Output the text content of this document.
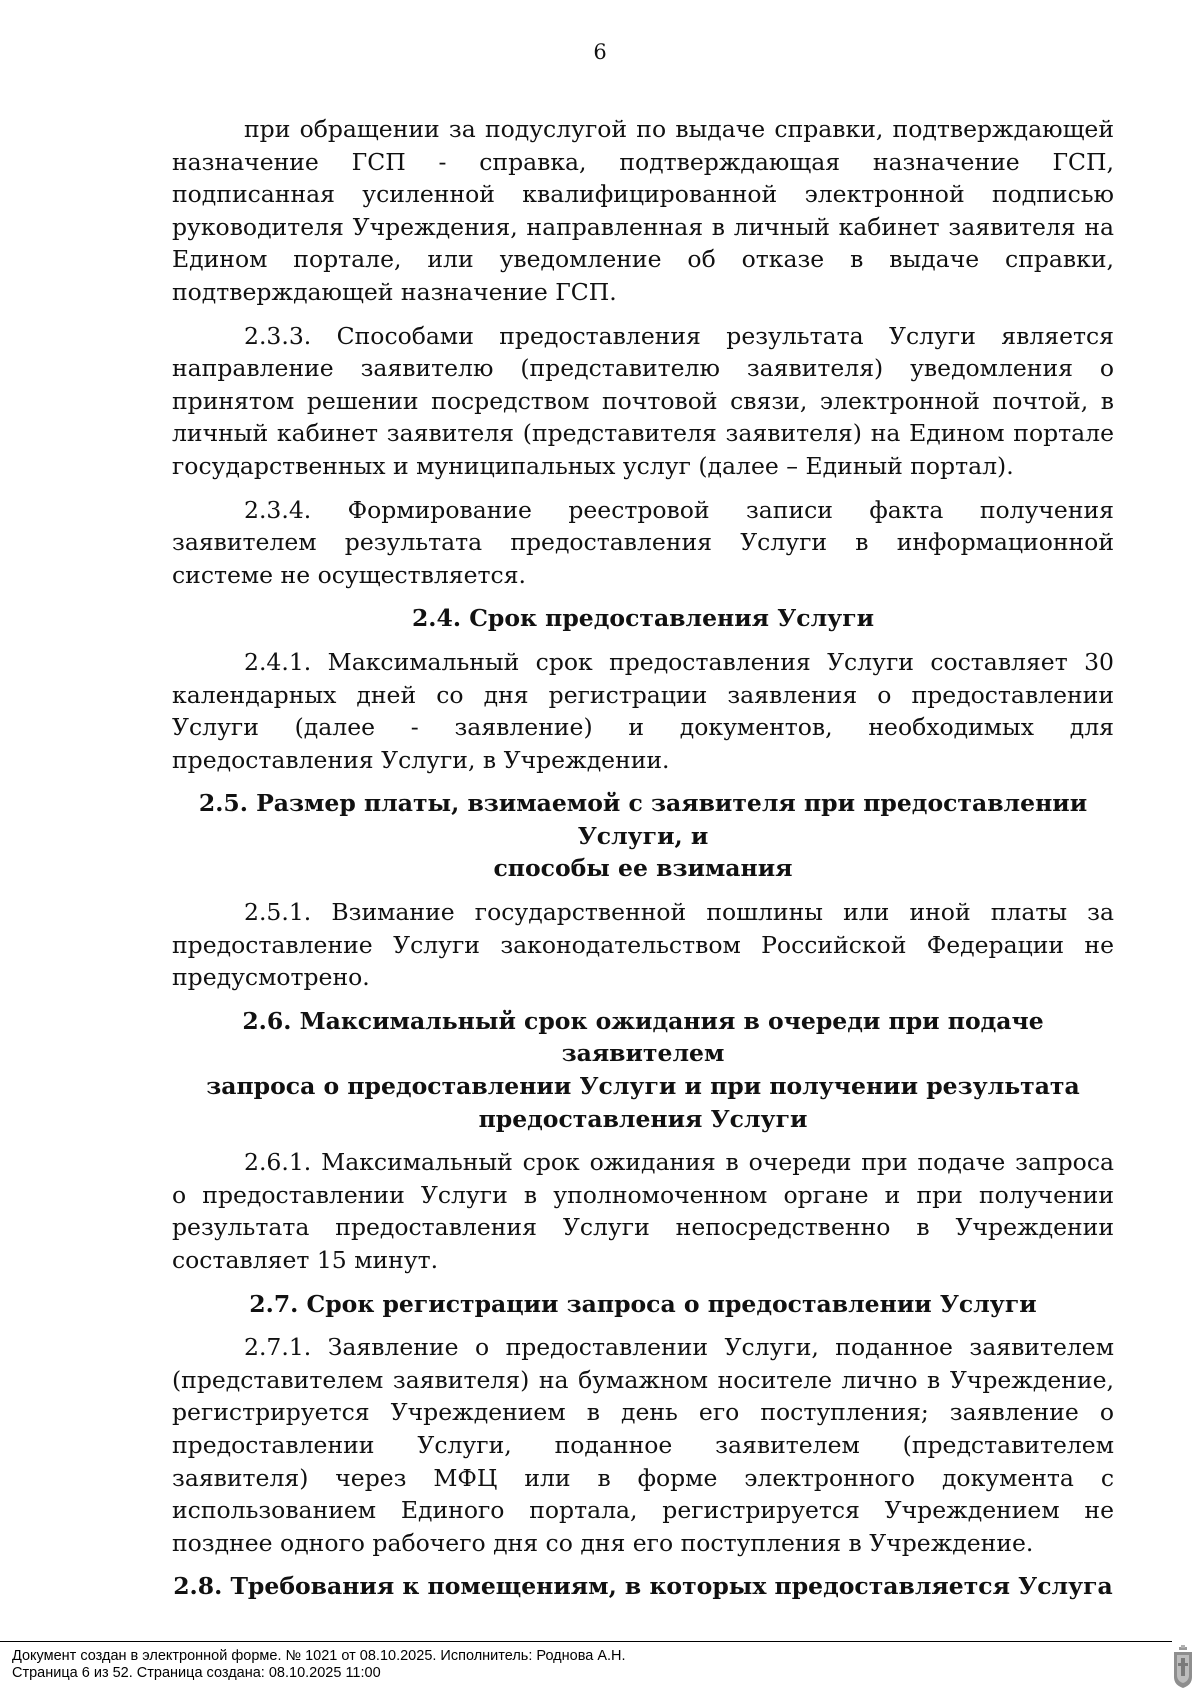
6

при обращении за подуслугой по выдаче справки, подтверждающей назначение ГСП - справка, подтверждающая назначение ГСП, подписанная усиленной квалифицированной электронной подписью руководителя Учреждения, направленная в личный кабинет заявителя на Едином портале, или уведомление об отказе в выдаче справки, подтверждающей назначение ГСП.

2.3.3. Способами предоставления результата Услуги является направление заявителю (представителю заявителя) уведомления о принятом решении посредством почтовой связи, электронной почтой, в личный кабинет заявителя (представителя заявителя) на Едином портале государственных и муниципальных услуг (далее – Единый портал).

2.3.4. Формирование реестровой записи факта получения заявителем результата предоставления Услуги в информационной системе не осуществляется.

2.4. Срок предоставления Услуги

2.4.1. Максимальный срок предоставления Услуги составляет 30 календарных дней со дня регистрации заявления о предоставлении Услуги (далее - заявление) и документов, необходимых для предоставления Услуги, в Учреждении.

2.5. Размер платы, взимаемой с заявителя при предоставлении Услуги, и
способы ее взимания

2.5.1. Взимание государственной пошлины или иной платы за предоставление Услуги законодательством Российской Федерации не предусмотрено.

2.6. Максимальный срок ожидания в очереди при подаче заявителем
запроса о предоставлении Услуги и при получении результата
предоставления Услуги

2.6.1. Максимальный срок ожидания в очереди при подаче запроса о предоставлении Услуги в уполномоченном органе и при получении результата предоставления Услуги непосредственно в Учреждении составляет 15 минут.

2.7. Срок регистрации запроса о предоставлении Услуги

2.7.1. Заявление о предоставлении Услуги, поданное заявителем (представителем заявителя) на бумажном носителе лично в Учреждение, регистрируется Учреждением в день его поступления; заявление о предоставлении Услуги, поданное заявителем (представителем заявителя) через МФЦ или в форме электронного документа с использованием Единого портала, регистрируется Учреждением не позднее одного рабочего дня со дня его поступления в Учреждение.

2.8. Требования к помещениям, в которых предоставляется Услуга
Документ создан в электронной форме. № 1021 от 08.10.2025. Исполнитель: Роднова А.Н.
Страница 6 из 52. Страница создана: 08.10.2025 11:00
